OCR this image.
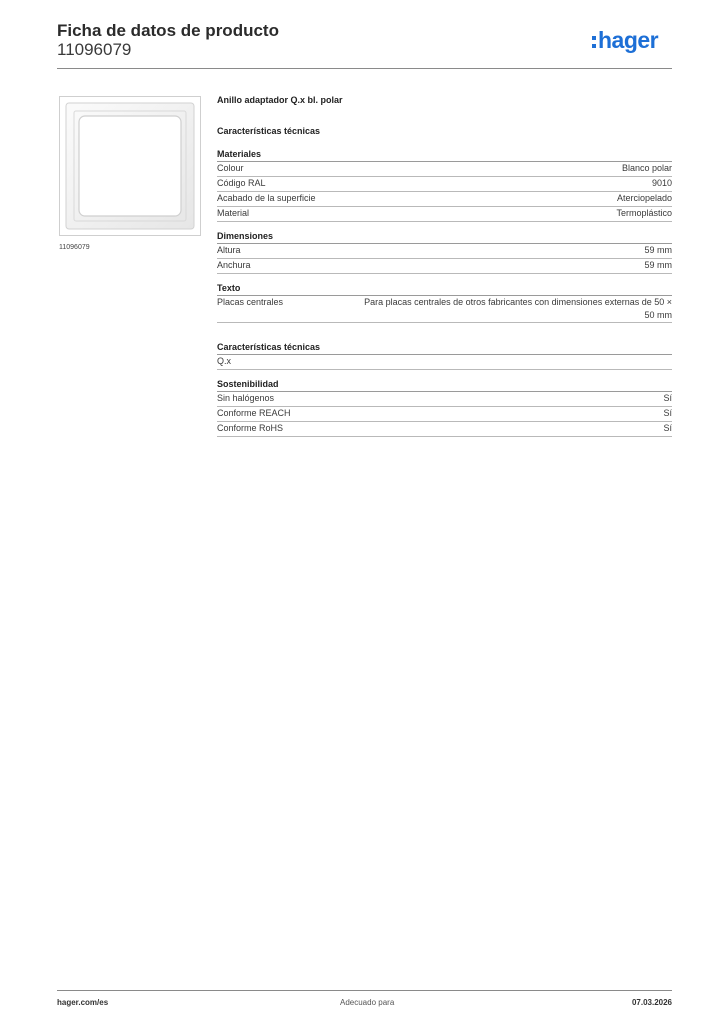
Ficha de datos de producto
11096079	hager
11096079
Anillo adaptador Q.x bl. polar
Características técnicas
Materiales
Colour	Blanco polar
Código RAL	9010
Acabado de la superficie	Aterciopelado
Material	Termoplástico
Dimensiones
Altura	59 mm
Anchura	59 mm
Texto
Placas centrales	Para placas centrales de otros fabricantes con dimensiones externas de 50 × 50 mm
Características técnicas
Q.x
Sostenibilidad
Sin halógenos	Sí
Conforme REACH	Sí
Conforme RoHS	Sí
hager.com/es	Adecuado para	07.03.2026
